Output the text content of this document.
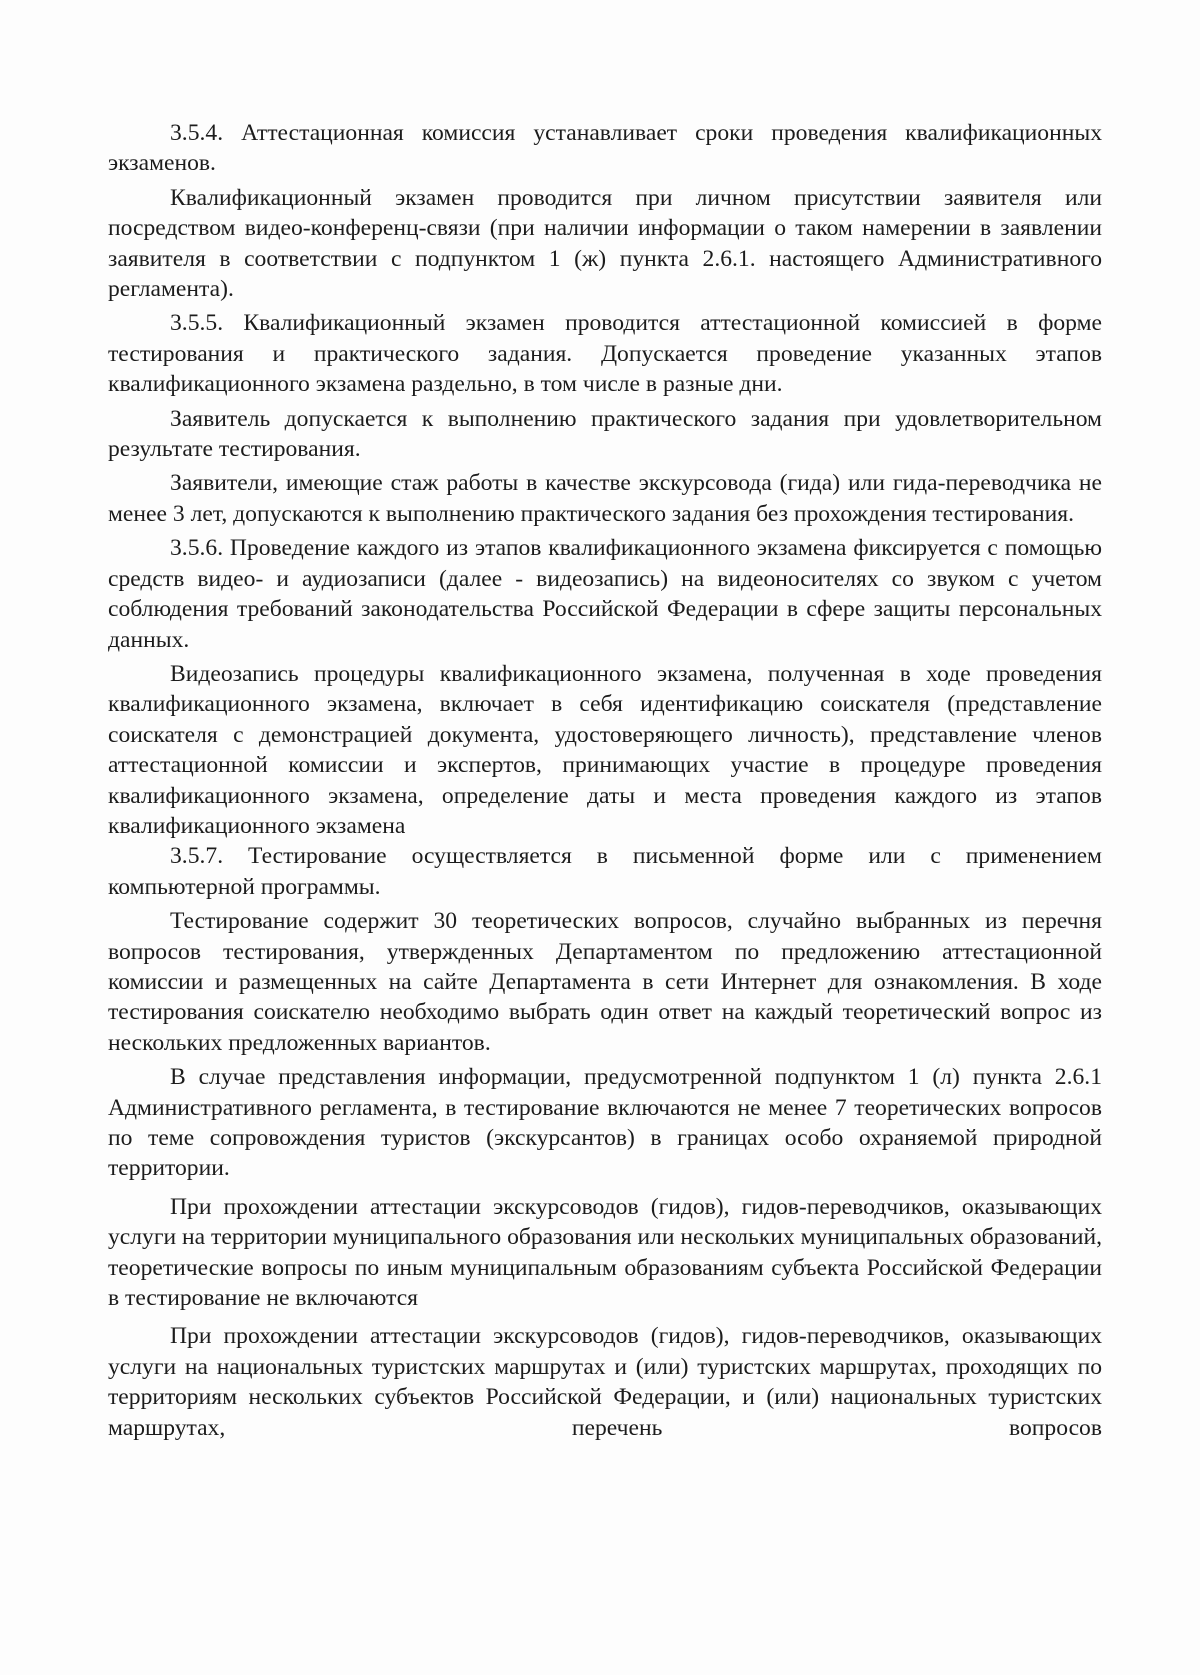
3.5.4. Аттестационная комиссия устанавливает сроки проведения квалификационных экзаменов.

Квалификационный экзамен проводится при личном присутствии заявителя или посредством видео-конференц-связи (при наличии информации о таком намерении в заявлении заявителя в соответствии с подпунктом 1 (ж) пункта 2.6.1. настоящего Административного регламента).

3.5.5. Квалификационный экзамен проводится аттестационной комиссией в форме тестирования и практического задания. Допускается проведение указанных этапов квалификационного экзамена раздельно, в том числе в разные дни.

Заявитель допускается к выполнению практического задания при удовлетворительном результате тестирования.

Заявители, имеющие стаж работы в качестве экскурсовода (гида) или гида-переводчика не менее 3 лет, допускаются к выполнению практического задания без прохождения тестирования.

3.5.6. Проведение каждого из этапов квалификационного экзамена фиксируется с помощью средств видео- и аудиозаписи (далее - видеозапись) на видеоносителях со звуком с учетом соблюдения требований законодательства Российской Федерации в сфере защиты персональных данных.

Видеозапись процедуры квалификационного экзамена, полученная в ходе проведения квалификационного экзамена, включает в себя идентификацию соискателя (представление соискателя с демонстрацией документа, удостоверяющего личность), представление членов аттестационной комиссии и экспертов, принимающих участие в процедуре проведения квалификационного экзамена, определение даты и места проведения каждого из этапов квалификационного экзамена

3.5.7. Тестирование осуществляется в письменной форме или с применением компьютерной программы.

Тестирование содержит 30 теоретических вопросов, случайно выбранных из перечня вопросов тестирования, утвержденных Департаментом по предложению аттестационной комиссии и размещенных на сайте Департамента в сети Интернет для ознакомления. В ходе тестирования соискателю необходимо выбрать один ответ на каждый теоретический вопрос из нескольких предложенных вариантов.

В случае представления информации, предусмотренной подпунктом 1 (л) пункта 2.6.1 Административного регламента, в тестирование включаются не менее 7 теоретических вопросов по теме сопровождения туристов (экскурсантов) в границах особо охраняемой природной территории.

При прохождении аттестации экскурсоводов (гидов), гидов-переводчиков, оказывающих услуги на территории муниципального образования или нескольких муниципальных образований, теоретические вопросы по иным муниципальным образованиям субъекта Российской Федерации в тестирование не включаются

При прохождении аттестации экскурсоводов (гидов), гидов-переводчиков, оказывающих услуги на национальных туристских маршрутах и (или) туристских маршрутах, проходящих по территориям нескольких субъектов Российской Федерации, и (или) национальных туристских маршрутах, перечень вопросов
